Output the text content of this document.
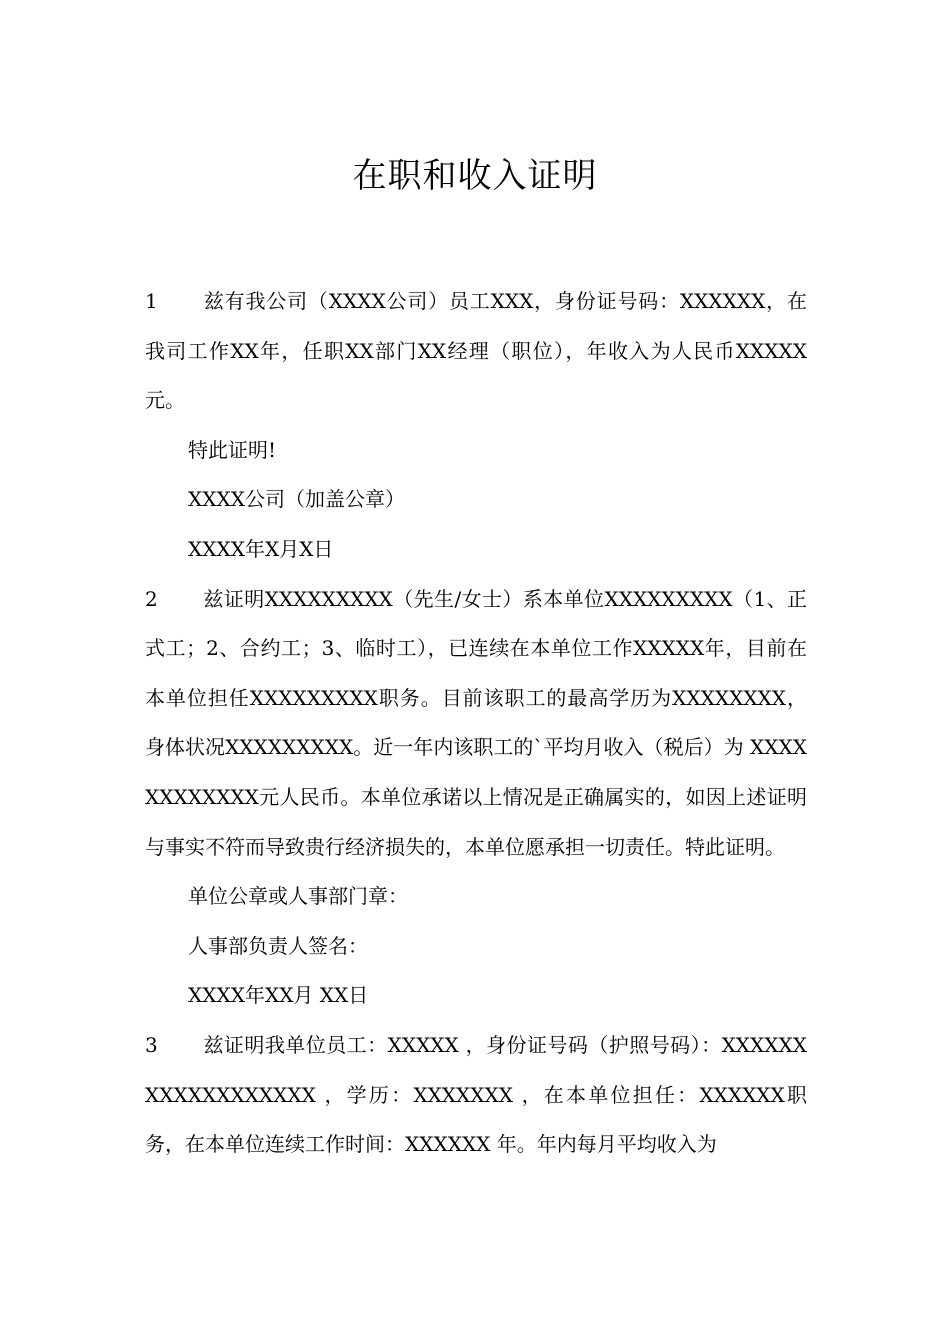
在职和收入证明

1 兹有我公司（XXXX公司）员工XXX，身份证号码：XXXXXX，在我司工作XX年，任职XX部门XX经理（职位），年收入为人民币XXXXX元。

特此证明!

XXXX公司（加盖公章）

XXXX年X月X日

2 兹证明XXXXXXXXX（先生/女士）系本单位XXXXXXXXX（1、正式工；2、合约工；3、临时工），已连续在本单位工作XXXXX年，目前在本单位担任XXXXXXXXX职务。目前该职工的最高学历为XXXXXXXX，身体状况XXXXXXXXX。近一年内该职工的`平均月收入（税后）为 XXXXXXXXXXXX元人民币。本单位承诺以上情况是正确属实的，如因上述证明与事实不符而导致贵行经济损失的，本单位愿承担一切责任。特此证明。

单位公章或人事部门章：

人事部负责人签名：

XXXX年XX月 XX日

3 兹证明我单位员工：XXXXX ，身份证号码（护照号码）：XXXXXXXXXXXXXXXXXX ，学历：XXXXXXX ，在本单位担任：XXXXXX职务，在本单位连续工作时间：XXXXXX 年。年内每月平均收入为
